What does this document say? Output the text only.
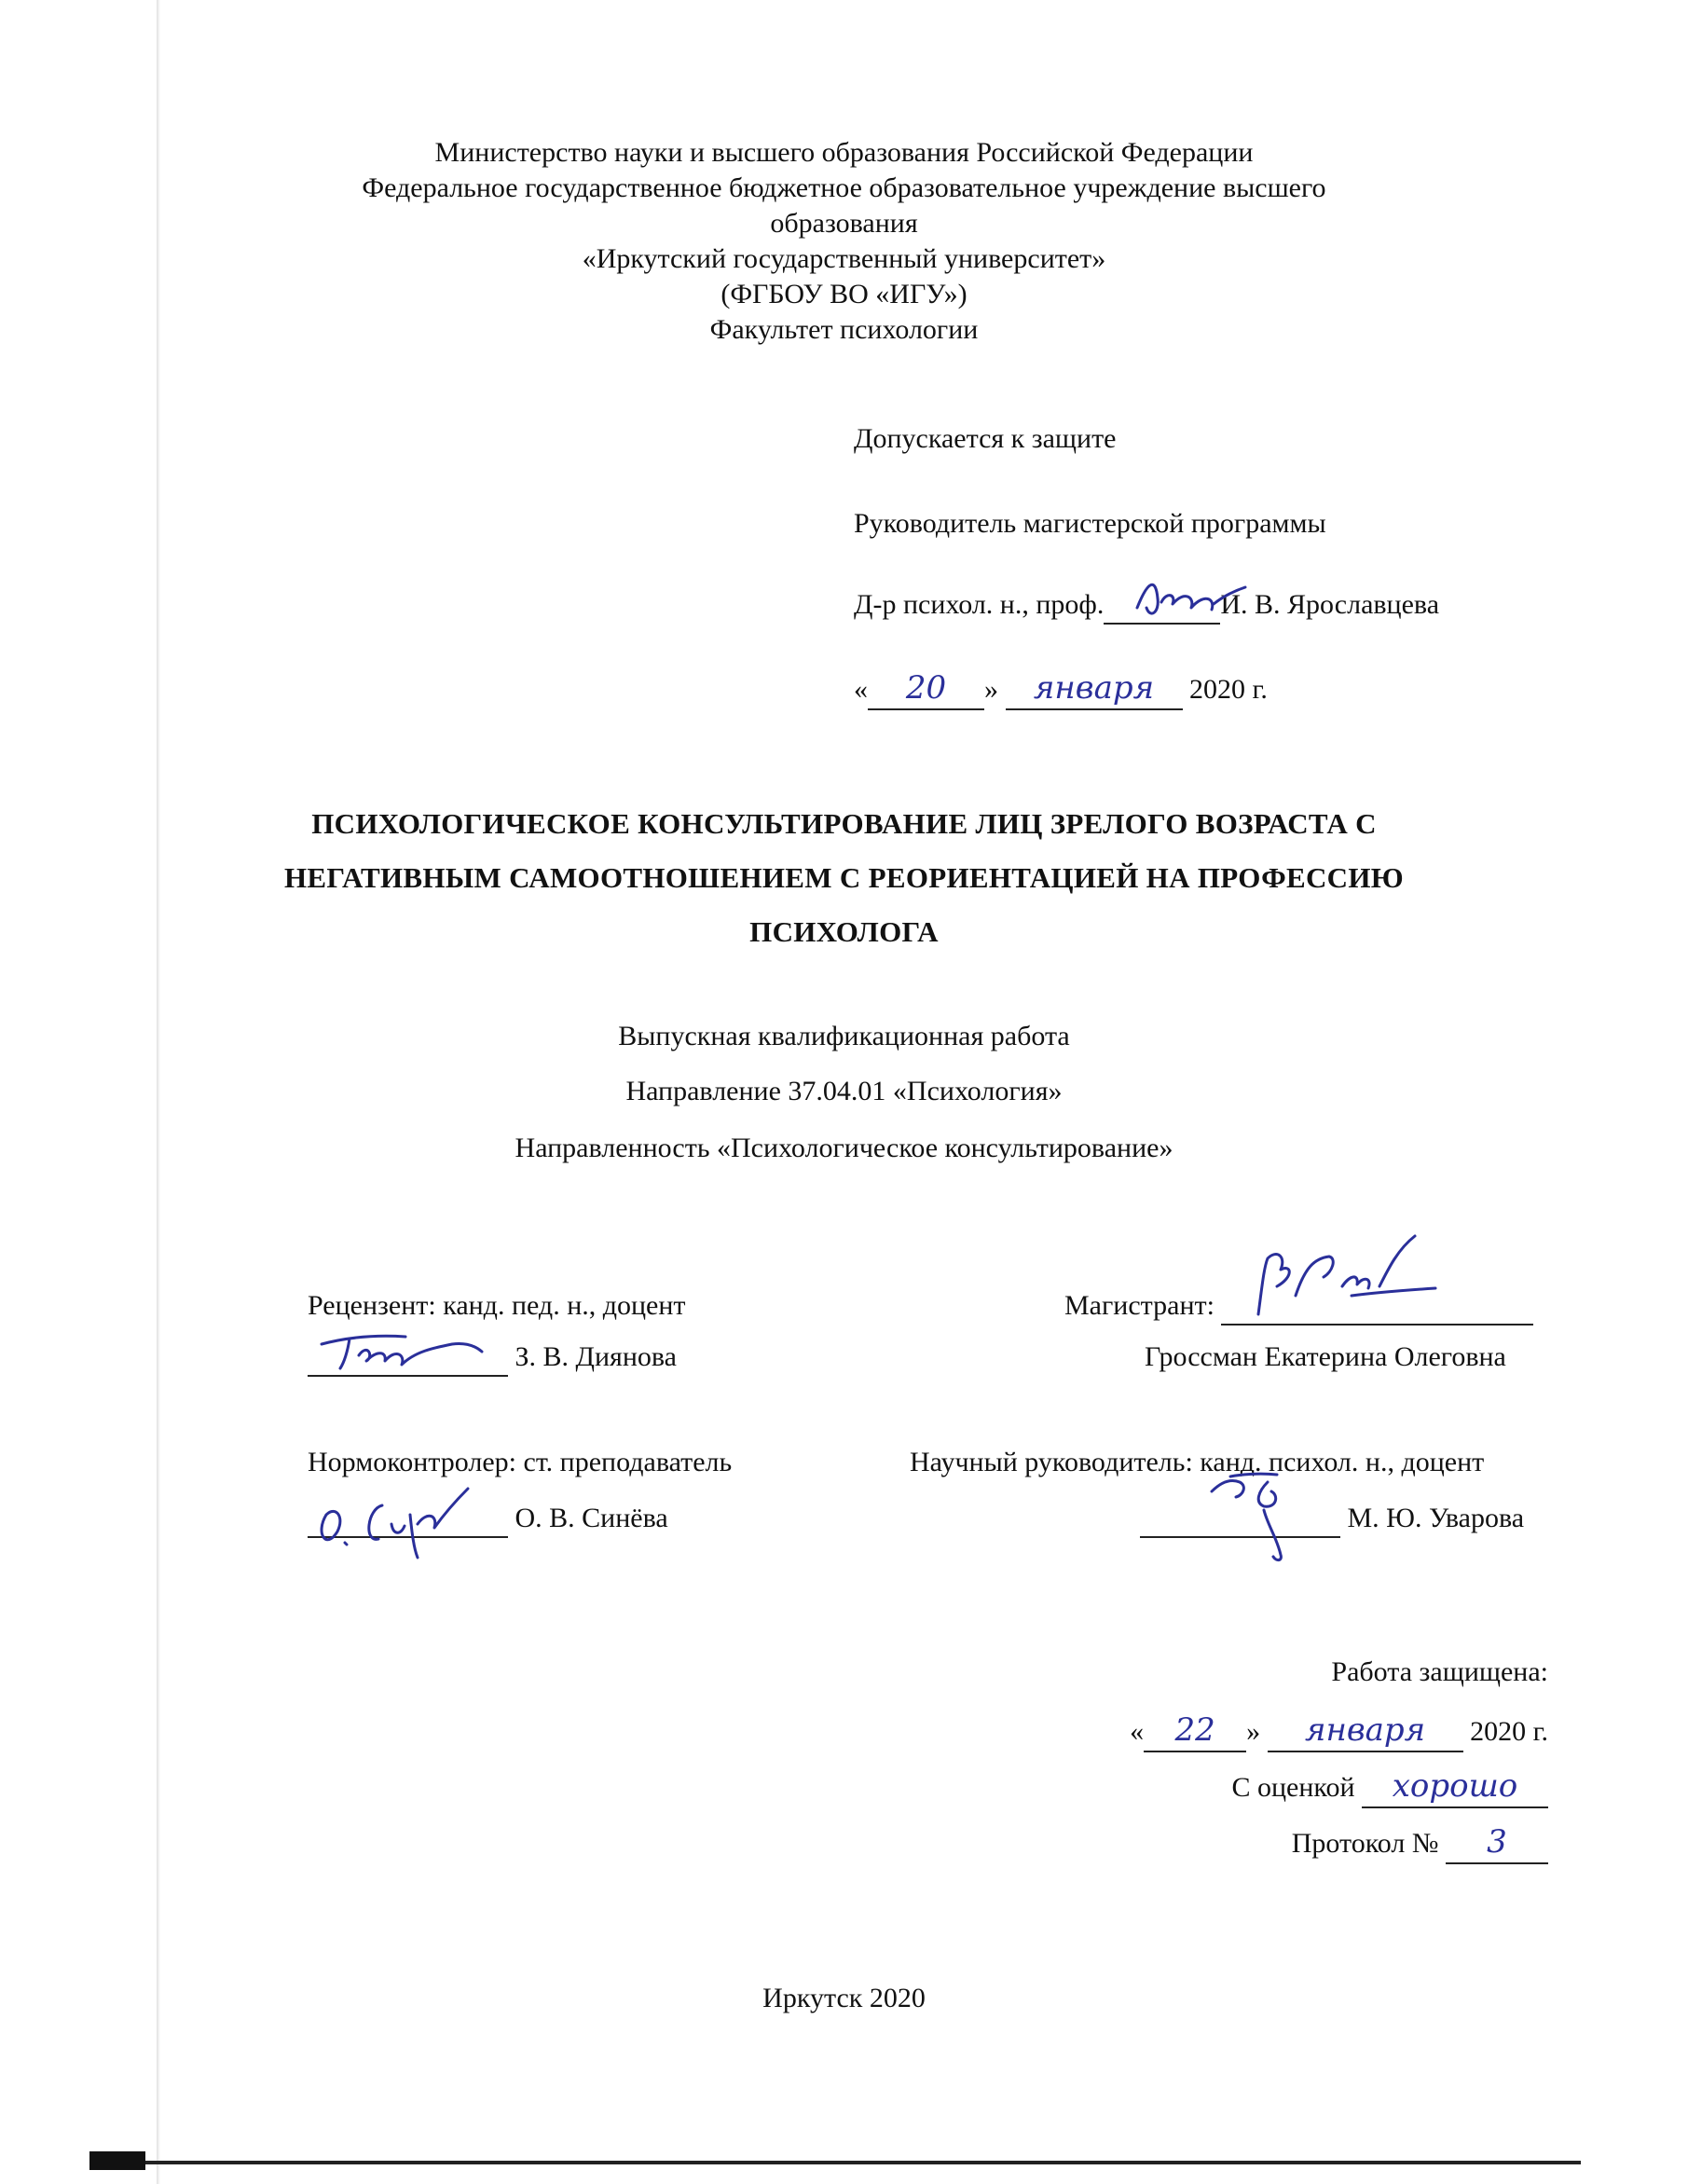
Министерство науки и высшего образования Российской Федерации
Федеральное государственное бюджетное образовательное учреждение высшего
образования
«Иркутский государственный университет»
(ФГБОУ ВО «ИГУ»)
Факультет психологии
Допускается к защите
Руководитель магистерской программы
Д-р психол. н., проф.	И. В. Ярославцева
« 20 » января 2020 г.
ПСИХОЛОГИЧЕСКОЕ КОНСУЛЬТИРОВАНИЕ ЛИЦ ЗРЕЛОГО ВОЗРАСТА С
НЕГАТИВНЫМ САМООТНОШЕНИЕМ С РЕОРИЕНТАЦИЕЙ НА ПРОФЕССИЮ
ПСИХОЛОГА
Выпускная квалификационная работа
Направление 37.04.01 «Психология»
Направленность «Психологическое консультирование»
Рецензент: канд. пед. н., доцент
З. В. Диянова
Магистрант:
Гроссман Екатерина Олеговна
Нормоконтролер: ст. преподаватель
О. В. Синёва
Научный руководитель: канд. психол. н., доцент
М. Ю. Уварова
Работа защищена:
« 22 » января 2020 г.
С оценкой хорошо
Протокол № 3
Иркутск 2020
